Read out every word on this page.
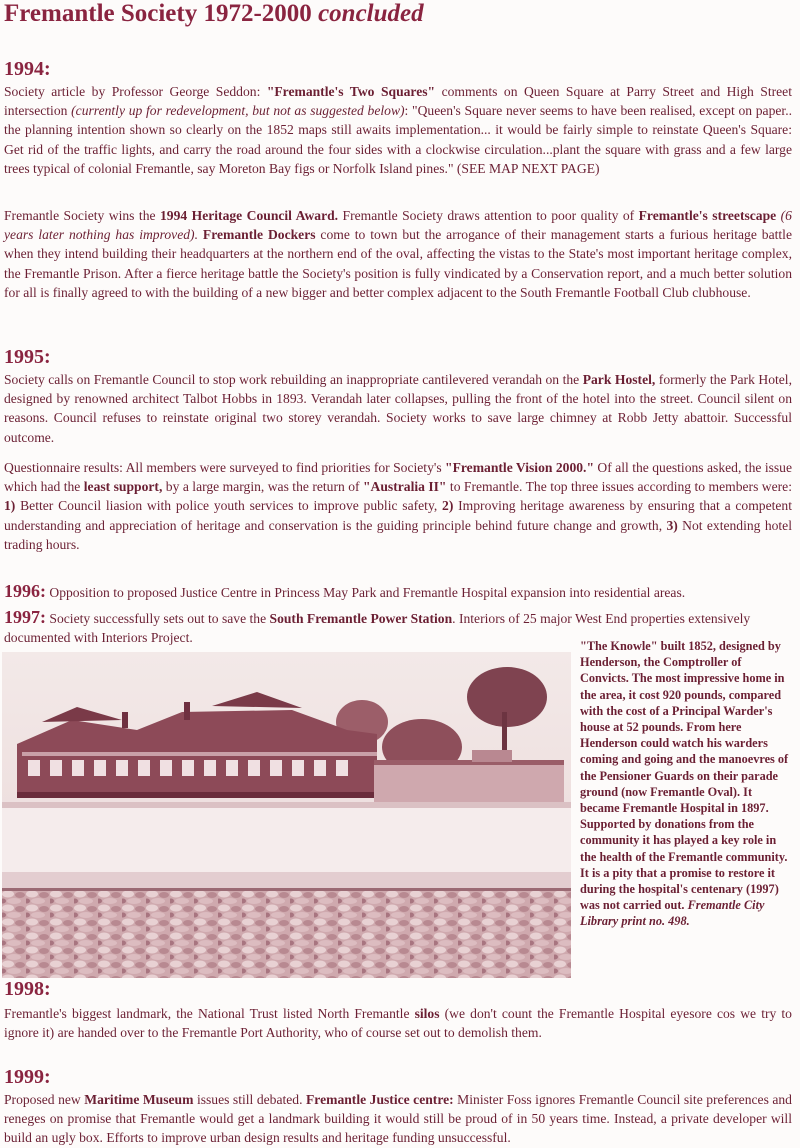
Fremantle Society 1972-2000 concluded
1994:

Society article by Professor George Seddon: "Fremantle's Two Squares" comments on Queen Square at Parry Street and High Street intersection (currently up for redevelopment, but not as suggested below): "Queen's Square never seems to have been realised, except on paper.. the planning intention shown so clearly on the 1852 maps still awaits implementation... it would be fairly simple to reinstate Queen's Square: Get rid of the traffic lights, and carry the road around the four sides with a clockwise circulation...plant the square with grass and a few large trees typical of colonial Fremantle, say Moreton Bay figs or Norfolk Island pines." (SEE MAP NEXT PAGE)

Fremantle Society wins the 1994 Heritage Council Award. Fremantle Society draws attention to poor quality of Fremantle's streetscape (6 years later nothing has improved). Fremantle Dockers come to town but the arrogance of their management starts a furious heritage battle when they intend building their headquarters at the northern end of the oval, affecting the vistas to the State's most important heritage complex, the Fremantle Prison. After a fierce heritage battle the Society's position is fully vindicated by a Conservation report, and a much better solution for all is finally agreed to with the building of a new bigger and better complex adjacent to the South Fremantle Football Club clubhouse.

1995:

Society calls on Fremantle Council to stop work rebuilding an inappropriate cantilevered verandah on the Park Hostel, formerly the Park Hotel, designed by renowned architect Talbot Hobbs in 1893. Verandah later collapses, pulling the front of the hotel into the street. Council silent on reasons. Council refuses to reinstate original two storey verandah. Society works to save large chimney at Robb Jetty abattoir. Successful outcome.

Questionnaire results: All members were surveyed to find priorities for Society's "Fremantle Vision 2000." Of all the questions asked, the issue which had the least support, by a large margin, was the return of "Australia II" to Fremantle. The top three issues according to members were: 1) Better Council liasion with police youth services to improve public safety, 2) Improving heritage awareness by ensuring that a competent understanding and appreciation of heritage and conservation is the guiding principle behind future change and growth, 3) Not extending hotel trading hours.

1996: Opposition to proposed Justice Centre in Princess May Park and Fremantle Hospital expansion into residential areas.

1997: Society successfully sets out to save the South Fremantle Power Station. Interiors of 25 major West End properties extensively documented with Interiors Project.

"The Knowle" built 1852, designed by Henderson, the Comptroller of Convicts. The most impressive home in the area, it cost 920 pounds, compared with the cost of a Principal Warder's house at 52 pounds. From here Henderson could watch his warders coming and going and the manoevres of the Pensioner Guards on their parade ground (now Fremantle Oval). It became Fremantle Hospital in 1897. Supported by donations from the community it has played a key role in the health of the Fremantle community. It is a pity that a promise to restore it during the hospital's centenary (1997) was not carried out. Fremantle City Library print no. 498.
1998:

Fremantle's biggest landmark, the National Trust listed North Fremantle silos (we don't count the Fremantle Hospital eyesore cos we try to ignore it) are handed over to the Fremantle Port Authority, who of course set out to demolish them.

1999:

Proposed new Maritime Museum issues still debated. Fremantle Justice centre: Minister Foss ignores Fremantle Council site preferences and reneges on promise that Fremantle would get a landmark building it would still be proud of in 50 years time. Instead, a private developer will build an ugly box. Efforts to improve urban design results and heritage funding unsuccessful.
